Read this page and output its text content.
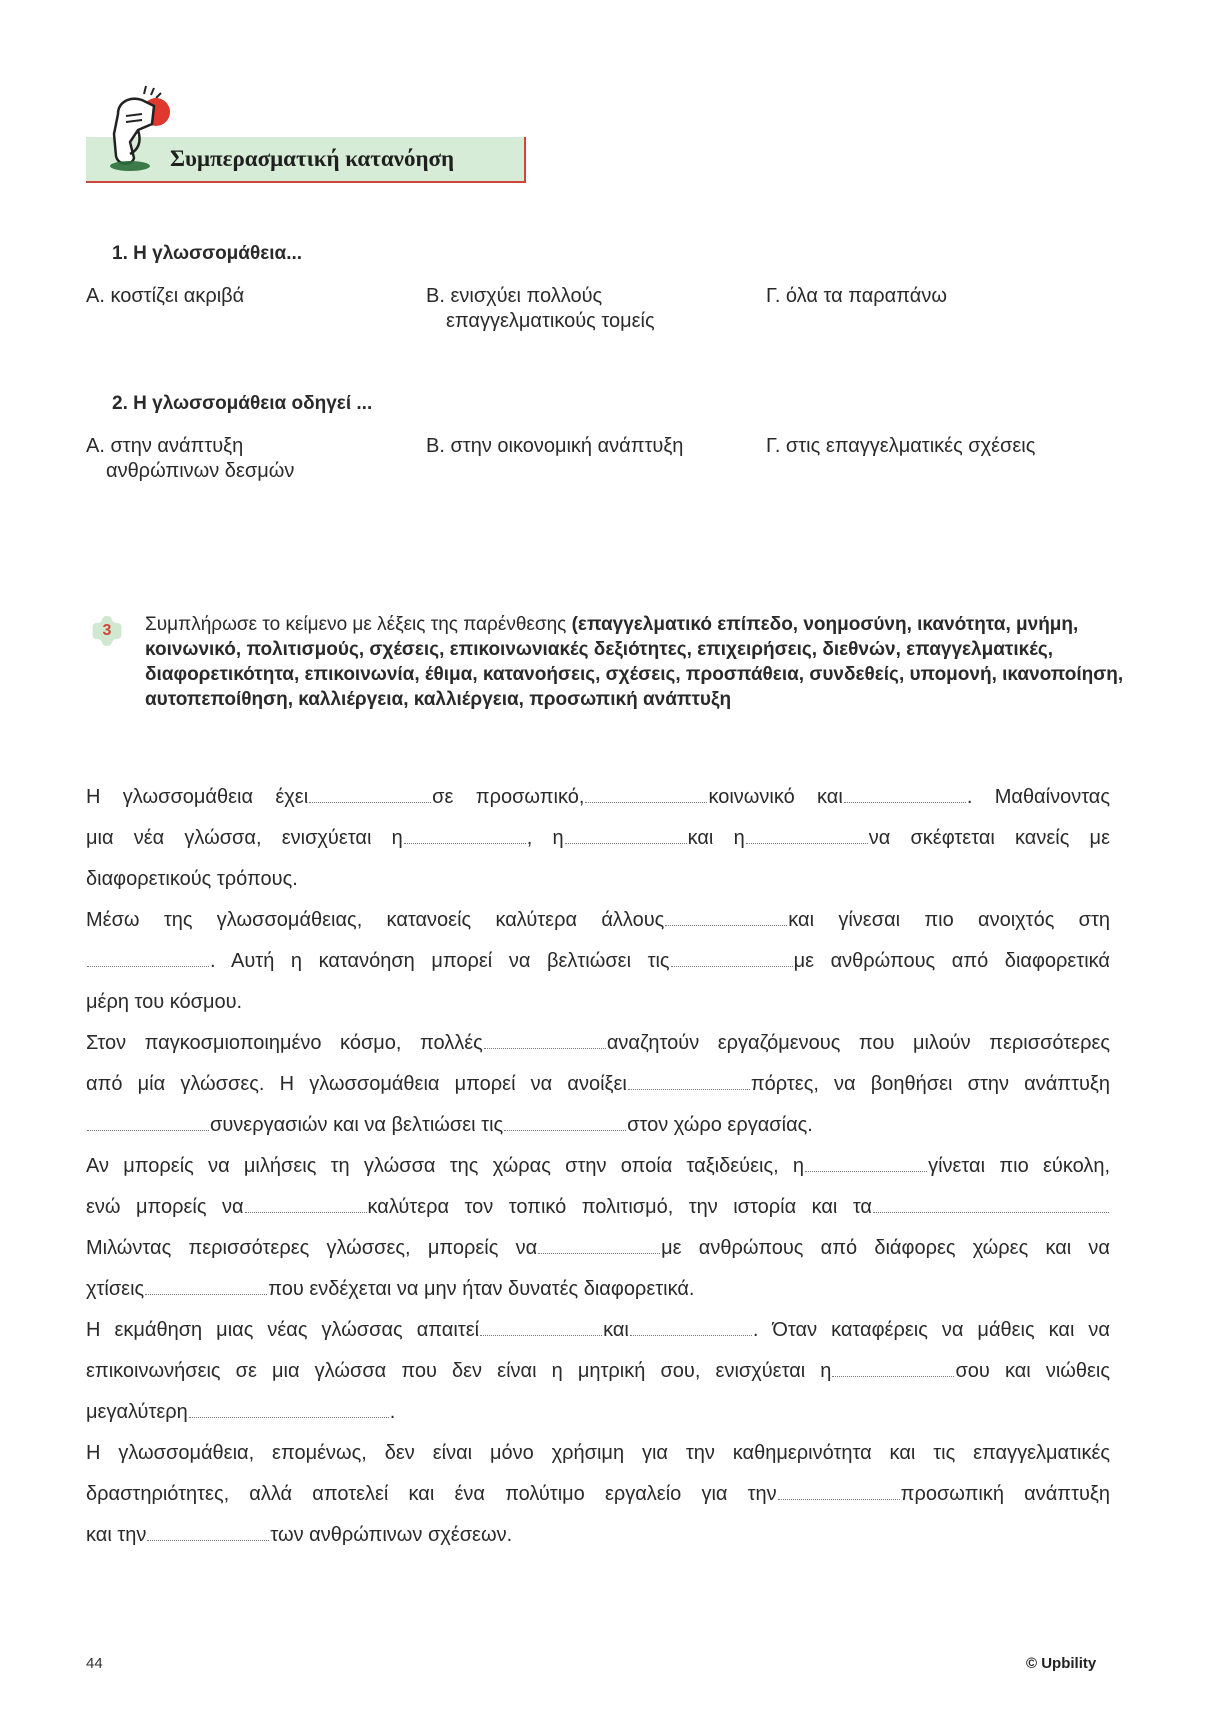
Συμπερασματική κατανόηση
1. Η γλωσσομάθεια...
Α. κοστίζει ακριβά	Β. ενισχύει πολλούς
επαγγελματικούς τομείς
Γ. όλα τα παραπάνω
2. Η γλωσσομάθεια οδηγεί ...
Α. στην ανάπτυξη
ανθρώπινων δεσμών
Β. στην οικονομική ανάπτυξη	Γ. στις επαγγελματικές σχέσεις
3	Συμπλήρωσε το κείμενο με λέξεις της παρένθεσης (επαγγελματικό επίπεδο, νοημοσύνη, ικανότητα, μνήμη, κοινωνικό, πολιτισμούς, σχέσεις, επικοινωνιακές δεξιότητες, επιχειρήσεις, διεθνών, επαγγελματικές, διαφορετικότητα, επικοινωνία, έθιμα, κατανοήσεις, σχέσεις, προσπάθεια, συνδεθείς, υπομονή, ικανοποίηση, αυτοπεποίθηση, καλλιέργεια, καλλιέργεια, προσωπική ανάπτυξη
Η γλωσσομάθεια έχει	σε προσωπικό,	κοινωνικό και	. Μαθαίνοντας
μια νέα γλώσσα, ενισχύεται η	, η	και η	να σκέφτεται κανείς με
διαφορετικούς τρόπους.
Μέσω της γλωσσομάθειας, κατανοείς καλύτερα άλλους	και γίνεσαι πιο ανοιχτός στη
. Αυτή η κατανόηση μπορεί να βελτιώσει τις	με ανθρώπους από διαφορετικά
μέρη του κόσμου.
Στον παγκοσμιοποιημένο κόσμο, πολλές	αναζητούν εργαζόμενους που μιλούν περισσότερες
από μία γλώσσες. Η γλωσσομάθεια μπορεί να ανοίξει	πόρτες, να βοηθήσει στην ανάπτυξη
συνεργασιών και να βελτιώσει τις	στον χώρο εργασίας.
Αν μπορείς να μιλήσεις τη γλώσσα της χώρας στην οποία ταξιδεύεις, η	γίνεται πιο εύκολη,
ενώ μπορείς να	καλύτερα τον τοπικό πολιτισμό, την ιστορία και τα
Μιλώντας περισσότερες γλώσσες, μπορείς να	με ανθρώπους από διάφορες χώρες και να
χτίσεις	που ενδέχεται να μην ήταν δυνατές διαφορετικά.
Η εκμάθηση μιας νέας γλώσσας απαιτεί	και	. Όταν καταφέρεις να μάθεις και να
επικοινωνήσεις σε μια γλώσσα που δεν είναι η μητρική σου, ενισχύεται η	σου και νιώθεις
μεγαλύτερη	.
Η γλωσσομάθεια, επομένως, δεν είναι μόνο χρήσιμη για την καθημερινότητα και τις επαγγελματικές
δραστηριότητες, αλλά αποτελεί και ένα πολύτιμο εργαλείο για την	προσωπική ανάπτυξη
και την	των ανθρώπινων σχέσεων.
44	© Upbility
